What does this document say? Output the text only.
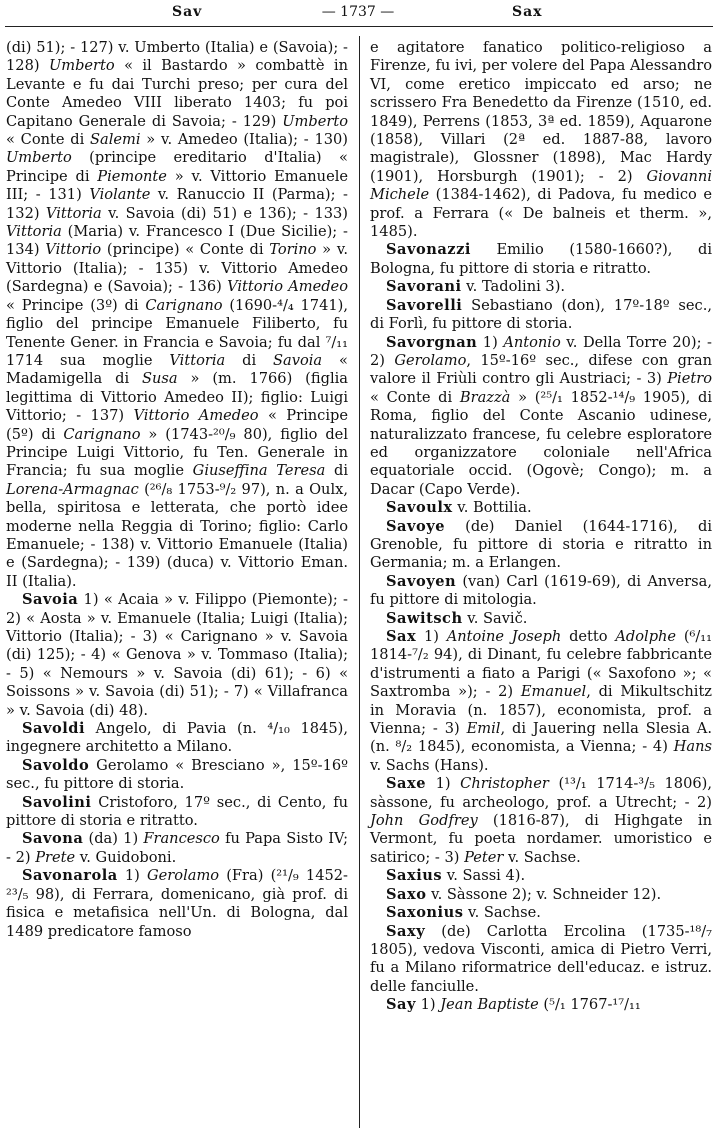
Sav	— 1737 —	Sax

(di) 51); - 127) v. Umberto (Italia) e (Savoia); - 128) Umberto « il Bastardo » combattè in Levante e fu dai Turchi preso; per cura del Conte Amedeo VIII liberato 1403; fu poi Capitano Generale di Savoia; - 129) Umberto « Conte di Salemi » v. Amedeo (Italia); - 130) Umberto (principe ereditario d'Italia) « Principe di Piemonte » v. Vittorio Emanuele III; - 131) Violante v. Ranuccio II (Parma); - 132) Vittoria v. Savoia (di) 51) e 136); - 133) Vittoria (Maria) v. Francesco I (Due Sicilie); - 134) Vittorio (principe) « Conte di Torino » v. Vittorio (Italia); - 135) v. Vittorio Amedeo (Sardegna) e (Savoia); - 136) Vittorio Amedeo « Principe (3º) di Carignano (1690-⁴/₄ 1741), figlio del principe Emanuele Filiberto, fu Tenente Gener. in Francia e Savoia; fu dal ⁷/₁₁ 1714 sua moglie Vittoria di Savoia « Madamigella di Susa » (m. 1766) (figlia legittima di Vittorio Amedeo II); figlio: Luigi Vittorio; - 137) Vittorio Amedeo « Principe (5º) di Carignano » (1743-²⁰/₉ 80), figlio del Principe Luigi Vittorio, fu Ten. Generale in Francia; fu sua moglie Giuseffina Teresa di Lorena-Armagnac (²⁶/₈ 1753-⁹/₂ 97), n. a Oulx, bella, spiritosa e letterata, che portò idee moderne nella Reggia di Torino; figlio: Carlo Emanuele; - 138) v. Vittorio Emanuele (Italia) e (Sardegna); - 139) (duca) v. Vittorio Eman. II (Italia).

Savoia 1) « Acaia » v. Filippo (Piemonte); - 2) « Aosta » v. Emanuele (Italia; Luigi (Italia); Vittorio (Italia); - 3) « Carignano » v. Savoia (di) 125); - 4) « Genova » v. Tommaso (Italia); - 5) « Nemours » v. Savoia (di) 61); - 6) « Soissons » v. Savoia (di) 51); - 7) « Villafranca » v. Savoia (di) 48).

Savoldi Angelo, di Pavia (n. ⁴/₁₀ 1845), ingegnere architetto a Milano.

Savoldo Gerolamo « Bresciano », 15º-16º sec., fu pittore di storia.

Savolini Cristoforo, 17º sec., di Cento, fu pittore di storia e ritratto.

Savona (da) 1) Francesco fu Papa Sisto IV; - 2) Prete v. Guidoboni.

Savonarola 1) Gerolamo (Fra) (²¹/₉ 1452-²³/₅ 98), di Ferrara, domenicano, già prof. di fisica e metafisica nell'Un. di Bologna, dal 1489 predicatore famoso

e agitatore fanatico politico-religioso a Firenze, fu ivi, per volere del Papa Alessandro VI, come eretico impiccato ed arso; ne scrissero Fra Benedetto da Firenze (1510, ed. 1849), Perrens (1853, 3ª ed. 1859), Aquarone (1858), Villari (2ª ed. 1887-88, lavoro magistrale), Glossner (1898), Mac Hardy (1901), Horsburgh (1901); - 2) Giovanni Michele (1384-1462), di Padova, fu medico e prof. a Ferrara (« De balneis et therm. », 1485).

Savonazzi Emilio (1580-1660?), di Bologna, fu pittore di storia e ritratto.

Savorani v. Tadolini 3).

Savorelli Sebastiano (don), 17º-18º sec., di Forlì, fu pittore di storia.

Savorgnan 1) Antonio v. Della Torre 20); - 2) Gerolamo, 15º-16º sec., difese con gran valore il Friùli contro gli Austriaci; - 3) Pietro « Conte di Brazzà » (²⁵/₁ 1852-¹⁴/₉ 1905), di Roma, figlio del Conte Ascanio udinese, naturalizzato francese, fu celebre esploratore ed organizzatore coloniale nell'Africa equatoriale occid. (Ogovè; Congo); m. a Dacar (Capo Verde).

Savoulx v. Bottilia.

Savoye (de) Daniel (1644-1716), di Grenoble, fu pittore di storia e ritratto in Germania; m. a Erlangen.

Savoyen (van) Carl (1619-69), di Anversa, fu pittore di mitologia.

Sawitsch v. Savič.

Sax 1) Antoine Joseph detto Adolphe (⁶/₁₁ 1814-⁷/₂ 94), di Dinant, fu celebre fabbricante d'istrumenti a fiato a Parigi (« Saxofono »; « Saxtromba »); - 2) Emanuel, di Mikultschitz in Moravia (n. 1857), economista, prof. a Vienna; - 3) Emil, di Jauering nella Slesia A. (n. ⁸/₂ 1845), economista, a Vienna; - 4) Hans v. Sachs (Hans).

Saxe 1) Christopher (¹³/₁ 1714-³/₅ 1806), sàssone, fu archeologo, prof. a Utrecht; - 2) John Godfrey (1816-87), di Highgate in Vermont, fu poeta nordamer. umoristico e satirico; - 3) Peter v. Sachse.

Saxius v. Sassi 4).

Saxo v. Sàssone 2); v. Schneider 12).

Saxonius v. Sachse.

Saxy (de) Carlotta Ercolina (1735-¹⁸/₇ 1805), vedova Visconti, amica di Pietro Verri, fu a Milano riformatrice dell'educaz. e istruz. delle fanciulle.

Say 1) Jean Baptiste (⁵/₁ 1767-¹⁷/₁₁
